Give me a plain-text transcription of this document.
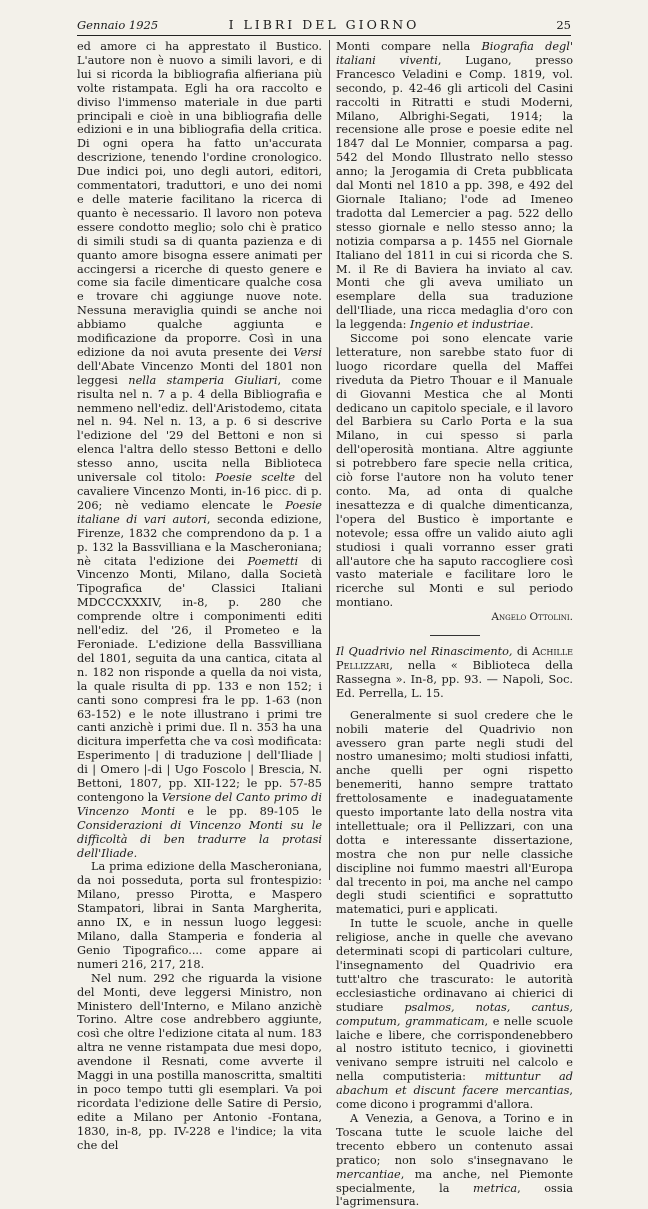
Gennaio 1925	I LIBRI DEL GIORNO	25

ed amore ci ha apprestato il Bustico. L'autore non è nuovo a simili lavori, e di lui si ricorda la bibliografia alfieriana più volte ristampata. Egli ha ora raccolto e diviso l'immenso materiale in due parti principali e cioè in una bibliografia delle edizioni e in una bibliografia della critica. Di ogni opera ha fatto un'accurata descrizione, tenendo l'ordine cronologico. Due indici poi, uno degli autori, editori, commentatori, traduttori, e uno dei nomi e delle materie facilitano la ricerca di quanto è necessario. Il lavoro non poteva essere condotto meglio; solo chi è pratico di simili studi sa di quanta pazienza e di quanto amore bisogna essere animati per accingersi a ricerche di questo genere e come sia facile dimenticare qualche cosa e trovare chi aggiunge nuove note. Nessuna meraviglia quindi se anche noi abbiamo qualche aggiunta e modificazione da proporre. Così in una edizione da noi avuta presente dei Versi dell'Abate Vincenzo Monti del 1801 non leggesi nella stamperia Giuliari, come risulta nel n. 7 a p. 4 della Bibliografia e nemmeno nell'ediz. dell'Aristodemo, citata nel n. 94. Nel n. 13, a p. 6 si descrive l'edizione del '29 del Bettoni e non si elenca l'altra dello stesso Bettoni e dello stesso anno, uscita nella Biblioteca universale col titolo: Poesie scelte del cavaliere Vincenzo Monti, in-16 picc. di p. 206; nè vediamo elencate le Poesie italiane di vari autori, seconda edizione, Firenze, 1832 che comprendono da p. 1 a p. 132 la Bassvilliana e la Mascheroniana; nè citata l'edizione dei Poemetti di Vincenzo Monti, Milano, dalla Società Tipografica de' Classici Italiani MDCCCXXXIV, in-8, p. 280 che comprende oltre i componimenti editi nell'ediz. del '26, il Prometeo e la Feroniade. L'edizione della Bassvilliana del 1801, seguita da una cantica, citata al n. 182 non risponde a quella da noi vista, la quale risulta di pp. 133 e non 152; i canti sono compresi fra le pp. 1-63 (non 63-152) e le note illustrano i primi tre canti anzichè i primi due. Il n. 353 ha una dicitura imperfetta che va così modificata: Esperimento | di traduzione | dell'Iliade | di | Omero |-di | Ugo Foscolo | Brescia, N. Bettoni, 1807, pp. XII-122; le pp. 57-85 contengono la Versione del Canto primo di Vincenzo Monti e le pp. 89-105 le Considerazioni di Vincenzo Monti su le difficoltà di ben tradurre la protasi dell'Iliade.

La prima edizione della Mascheroniana, da noi posseduta, porta sul frontespizio: Milano, presso Pirotta, e Maspero Stampatori, librai in Santa Margherita, anno IX, e in nessun luogo leggesi: Milano, dalla Stamperia e fonderia al Genio Tipografico.... come appare ai numeri 216, 217, 218.

Nel num. 292 che riguarda la visione del Monti, deve leggersi Ministro, non Ministero dell'Interno, e Milano anzichè Torino. Altre cose andrebbero aggiunte, così che oltre l'edizione citata al num. 183 altra ne venne ristampata due mesi dopo, avendone il Resnati, come avverte il Maggi in una postilla manoscritta, smaltiti in poco tempo tutti gli esemplari. Va poi ricordata l'edizione delle Satire di Persio, edite a Milano per Antonio -Fontana, 1830, in-8, pp. IV-228 e l'indice; la vita che del

Monti compare nella Biografia degl' italiani viventi, Lugano, presso Francesco Veladini e Comp. 1819, vol. secondo, p. 42-46 gli articoli del Casini raccolti in Ritratti e studi Moderni, Milano, Albrighi-Segati, 1914; la recensione alle prose e poesie edite nel 1847 dal Le Monnier, comparsa a pag. 542 del Mondo Illustrato nello stesso anno; la Jerogamia di Creta pubblicata dal Monti nel 1810 a pp. 398, e 492 del Giornale Italiano; l'ode ad Imeneo tradotta dal Lemercier a pag. 522 dello stesso giornale e nello stesso anno; la notizia comparsa a p. 1455 nel Giornale Italiano del 1811 in cui si ricorda che S. M. il Re di Baviera ha inviato al cav. Monti che gli aveva umiliato un esemplare della sua traduzione dell'Iliade, una ricca medaglia d'oro con la leggenda: Ingenio et industriae.

Siccome poi sono elencate varie letterature, non sarebbe stato fuor di luogo ricordare quella del Maffei riveduta da Pietro Thouar e il Manuale di Giovanni Mestica che al Monti dedicano un capitolo speciale, e il lavoro del Barbiera su Carlo Porta e la sua Milano, in cui spesso si parla dell'operosità montiana. Altre aggiunte si potrebbero fare specie nella critica, ciò forse l'autore non ha voluto tener conto. Ma, ad onta di qualche inesattezza e di qualche dimenticanza, l'opera del Bustico è importante e notevole; essa offre un valido aiuto agli studiosi i quali vorranno esser grati all'autore che ha saputo raccogliere così vasto materiale e facilitare loro le ricerche sul Monti e sul periodo montiano.

Angelo Ottolini.

Il Quadrivio nel Rinascimento, di Achille Pellizzari, nella « Biblioteca della Rassegna ». In-8, pp. 93. — Napoli, Soc. Ed. Perrella, L. 15.

Generalmente si suol credere che le nobili materie del Quadrivio non avessero gran parte negli studi del nostro umanesimo; molti studiosi infatti, anche quelli per ogni rispetto benemeriti, hanno sempre trattato frettolosamente e inadeguatamente questo importante lato della nostra vita intellettuale; ora il Pellizzari, con una dotta e interessante dissertazione, mostra che non pur nelle classiche discipline noi fummo maestri all'Europa dal trecento in poi, ma anche nel campo degli studi scientifici e soprattutto matematici, puri e applicati.

In tutte le scuole, anche in quelle religiose, anche in quelle che avevano determinati scopi di particolari culture, l'insegnamento del Quadrivio era tutt'altro che trascurato: le autorità ecclesiastiche ordinavano ai chierici di studiare psalmos, notas, cantus, computum, grammaticam, e nelle scuole laiche e libere, che corrispondenebbero al nostro istituto tecnico, i giovinetti venivano sempre istruiti nel calcolo e nella computisteria: mittuntur ad abachum et discunt facere mercantias, come dicono i programmi d'allora.

A Venezia, a Genova, a Torino e in Toscana tutte le scuole laiche del trecento ebbero un contenuto assai pratico; non solo s'insegnavano le mercantiae, ma anche, nel Piemonte specialmente, la metrica, ossia l'agrimensura.
